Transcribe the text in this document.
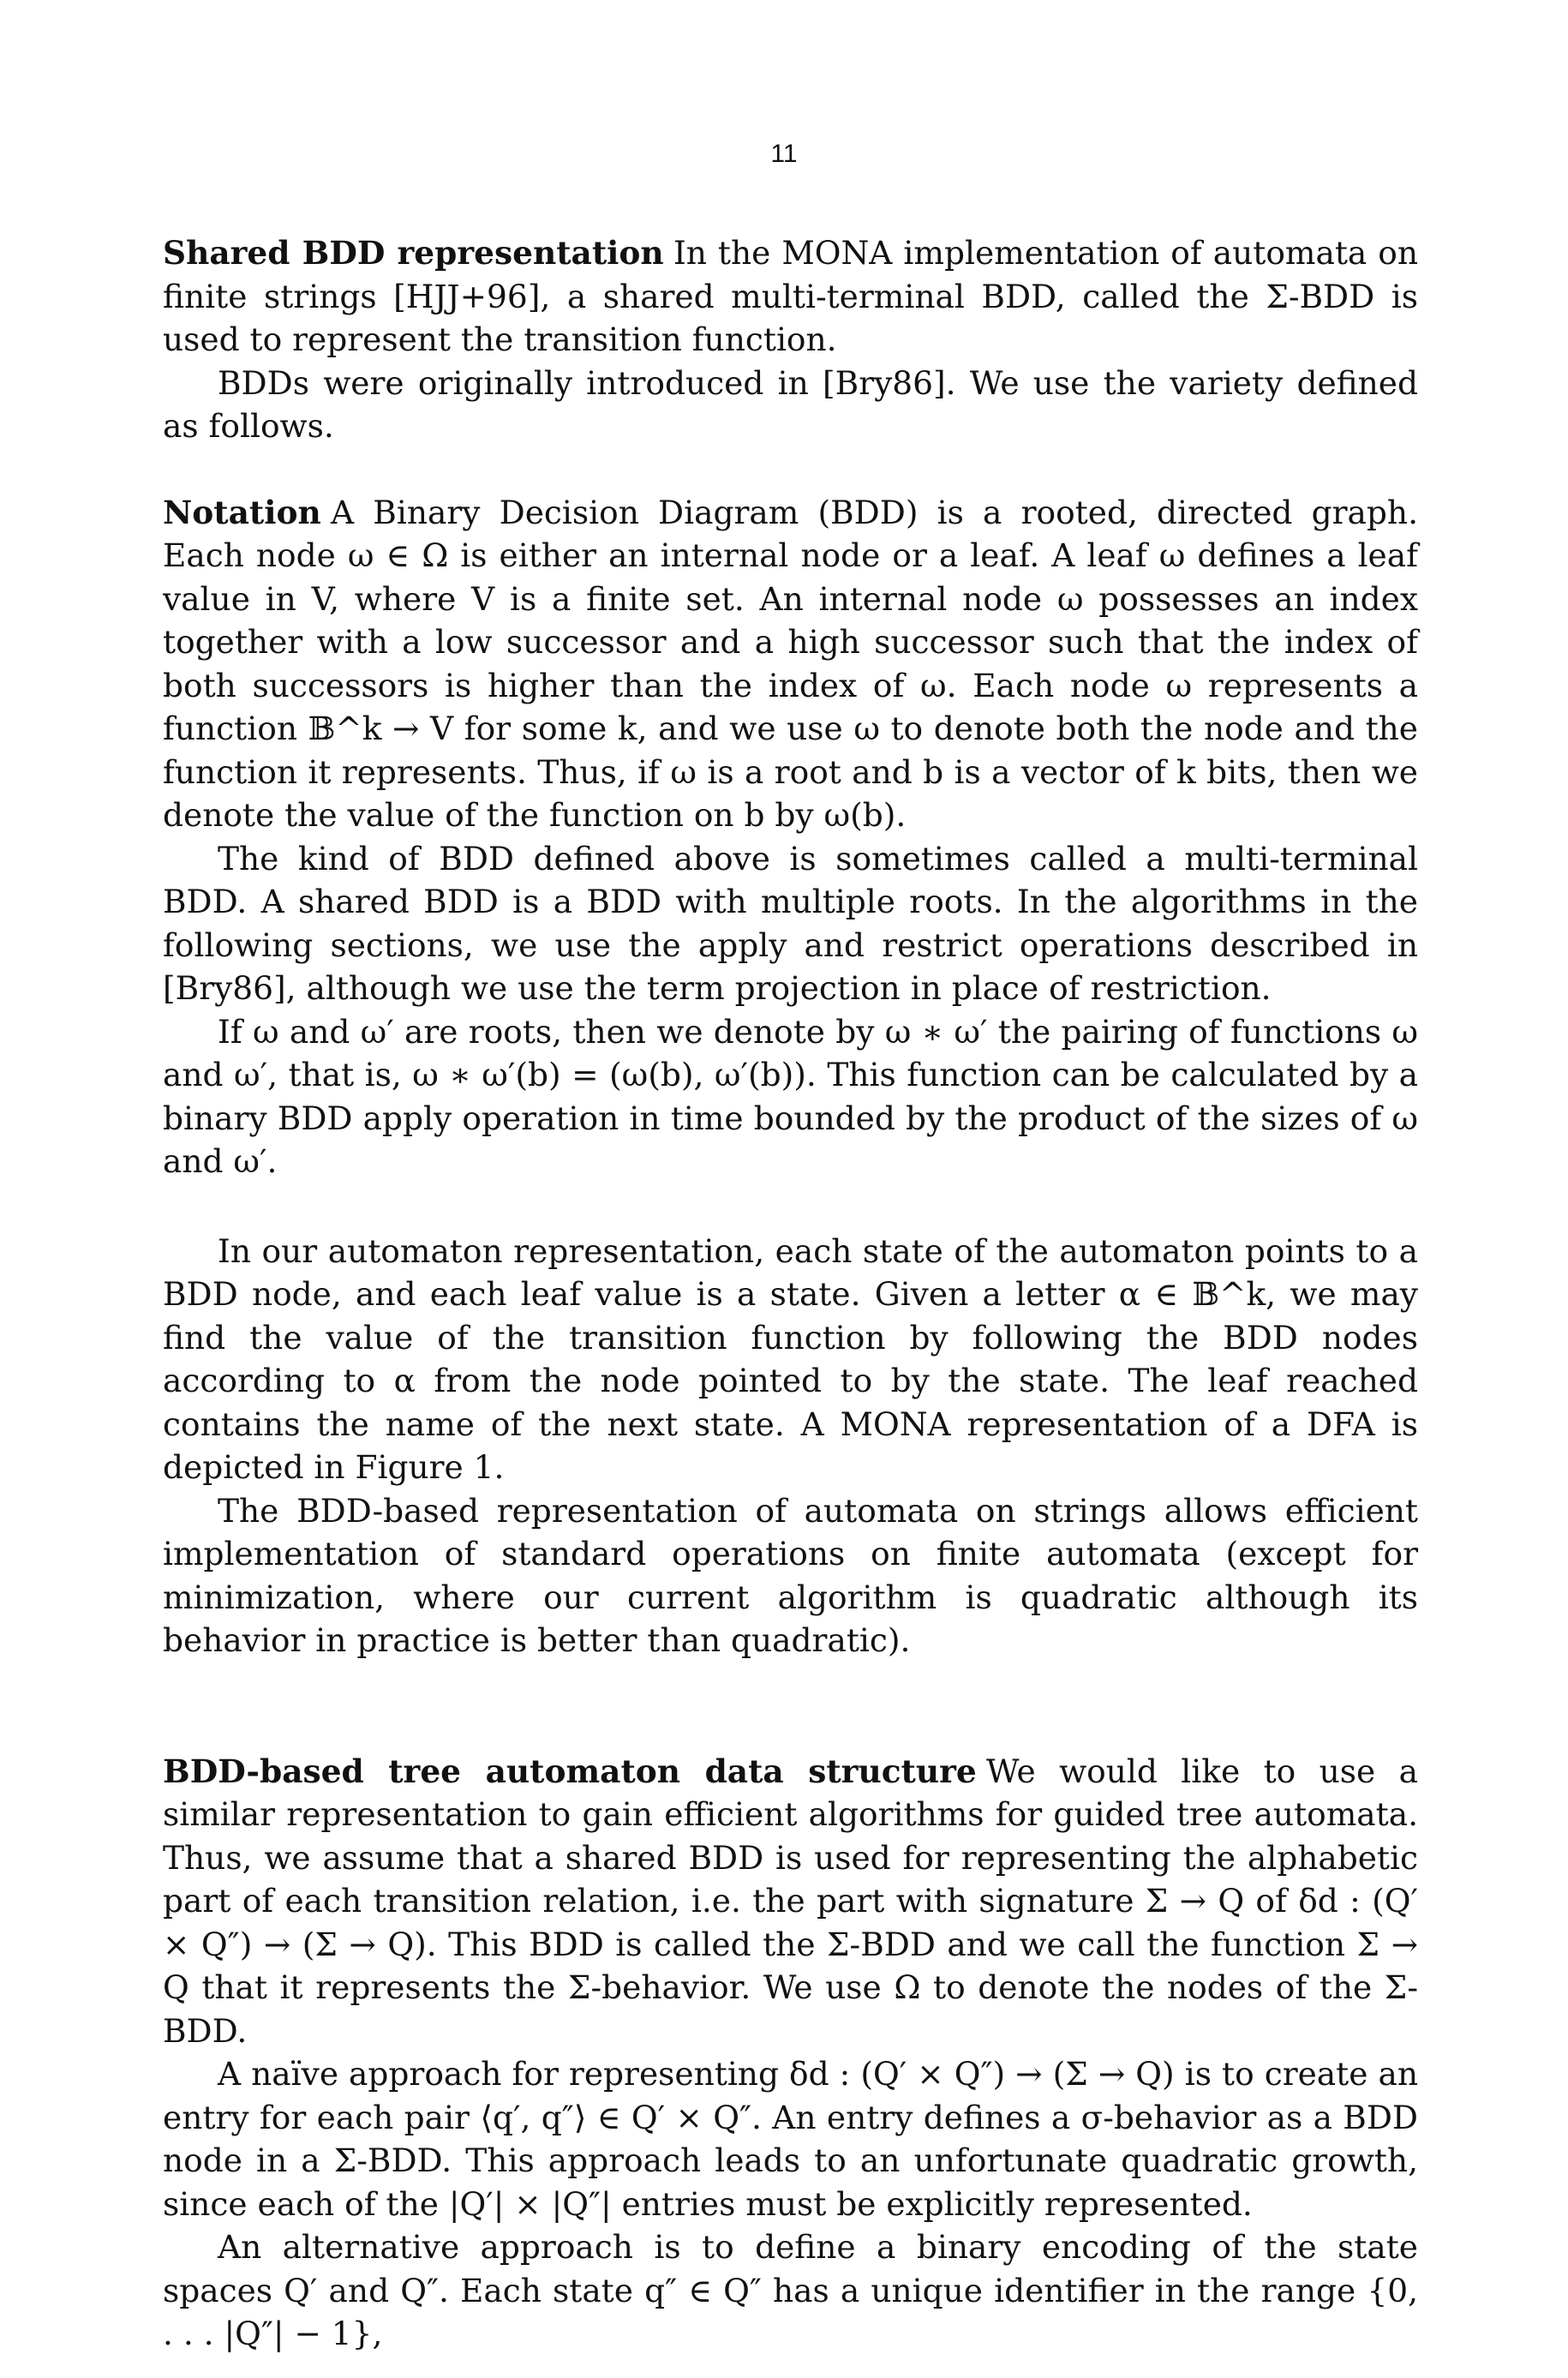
11

Shared BDD representation In the MONA implementation of automata on finite strings [HJJ+96], a shared multi-terminal BDD, called the Σ-BDD is used to represent the transition function.

BDDs were originally introduced in [Bry86]. We use the variety defined as follows.

Notation A Binary Decision Diagram (BDD) is a rooted, directed graph. Each node ω ∈ Ω is either an internal node or a leaf. A leaf ω defines a leaf value in V, where V is a finite set. An internal node ω possesses an index together with a low successor and a high successor such that the index of both successors is higher than the index of ω. Each node ω represents a function 𝔹^k → V for some k, and we use ω to denote both the node and the function it represents. Thus, if ω is a root and b is a vector of k bits, then we denote the value of the function on b by ω(b).

The kind of BDD defined above is sometimes called a multi-terminal BDD. A shared BDD is a BDD with multiple roots. In the algorithms in the following sections, we use the apply and restrict operations described in [Bry86], although we use the term projection in place of restriction.

If ω and ω′ are roots, then we denote by ω ∗ ω′ the pairing of functions ω and ω′, that is, ω ∗ ω′(b) = (ω(b), ω′(b)). This function can be calculated by a binary BDD apply operation in time bounded by the product of the sizes of ω and ω′.

In our automaton representation, each state of the automaton points to a BDD node, and each leaf value is a state. Given a letter α ∈ 𝔹^k, we may find the value of the transition function by following the BDD nodes according to α from the node pointed to by the state. The leaf reached contains the name of the next state. A MONA representation of a DFA is depicted in Figure 1.

The BDD-based representation of automata on strings allows efficient implementation of standard operations on finite automata (except for minimization, where our current algorithm is quadratic although its behavior in practice is better than quadratic).

BDD-based tree automaton data structure We would like to use a similar representation to gain efficient algorithms for guided tree automata. Thus, we assume that a shared BDD is used for representing the alphabetic part of each transition relation, i.e. the part with signature Σ → Q of δd : (Q′ × Q″) → (Σ → Q). This BDD is called the Σ-BDD and we call the function Σ → Q that it represents the Σ-behavior. We use Ω to denote the nodes of the Σ-BDD.

A naïve approach for representing δd : (Q′ × Q″) → (Σ → Q) is to create an entry for each pair ⟨q′, q″⟩ ∈ Q′ × Q″. An entry defines a σ-behavior as a BDD node in a Σ-BDD. This approach leads to an unfortunate quadratic growth, since each of the |Q′| × |Q″| entries must be explicitly represented.

An alternative approach is to define a binary encoding of the state spaces Q′ and Q″. Each state q″ ∈ Q″ has a unique identifier in the range {0, . . . |Q″| − 1},
